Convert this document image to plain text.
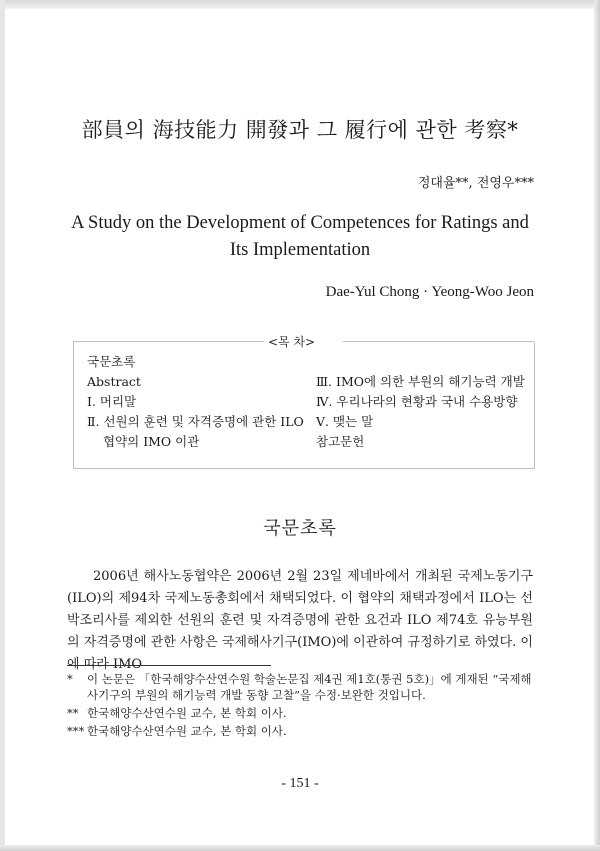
部員의 海技能力 開發과 그 履行에 관한 考察*
정대율**, 전영우***
A Study on the Development of Competences for Ratings and Its Implementation
Dae-Yul Chong · Yeong-Woo Jeon
<목 차>
국문초록
Abstract
Ⅰ. 머리말
Ⅱ. 선원의 훈련 및 자격증명에 관한 ILO
협약의 IMO 이관
Ⅲ. IMO에 의한 부원의 해기능력 개발
Ⅳ. 우리나라의 현황과 국내 수용방향
Ⅴ. 맺는 말
참고문헌
국문초록
2006년 해사노동협약은 2006년 2월 23일 제네바에서 개최된 국제노동기구(ILO)의 제94차 국제노동총회에서 채택되었다. 이 협약의 채택과정에서 ILO는 선박조리사를 제외한 선원의 훈련 및 자격증명에 관한 요건과 ILO 제74호 유능부원의 자격증명에 관한 사항은 국제해사기구(IMO)에 이관하여 규정하기로 하였다. 이에 따라 IMO
* 이 논문은 「한국해양수산연수원 학술논문집 제4권 제1호(통권 5호)」에 게재된 “국제해사기구의 부원의 해기능력 개발 동향 고찰”을 수정·보완한 것입니다.
** 한국해양수산연수원 교수, 본 학회 이사.
*** 한국해양수산연수원 교수, 본 학회 이사.
- 151 -
